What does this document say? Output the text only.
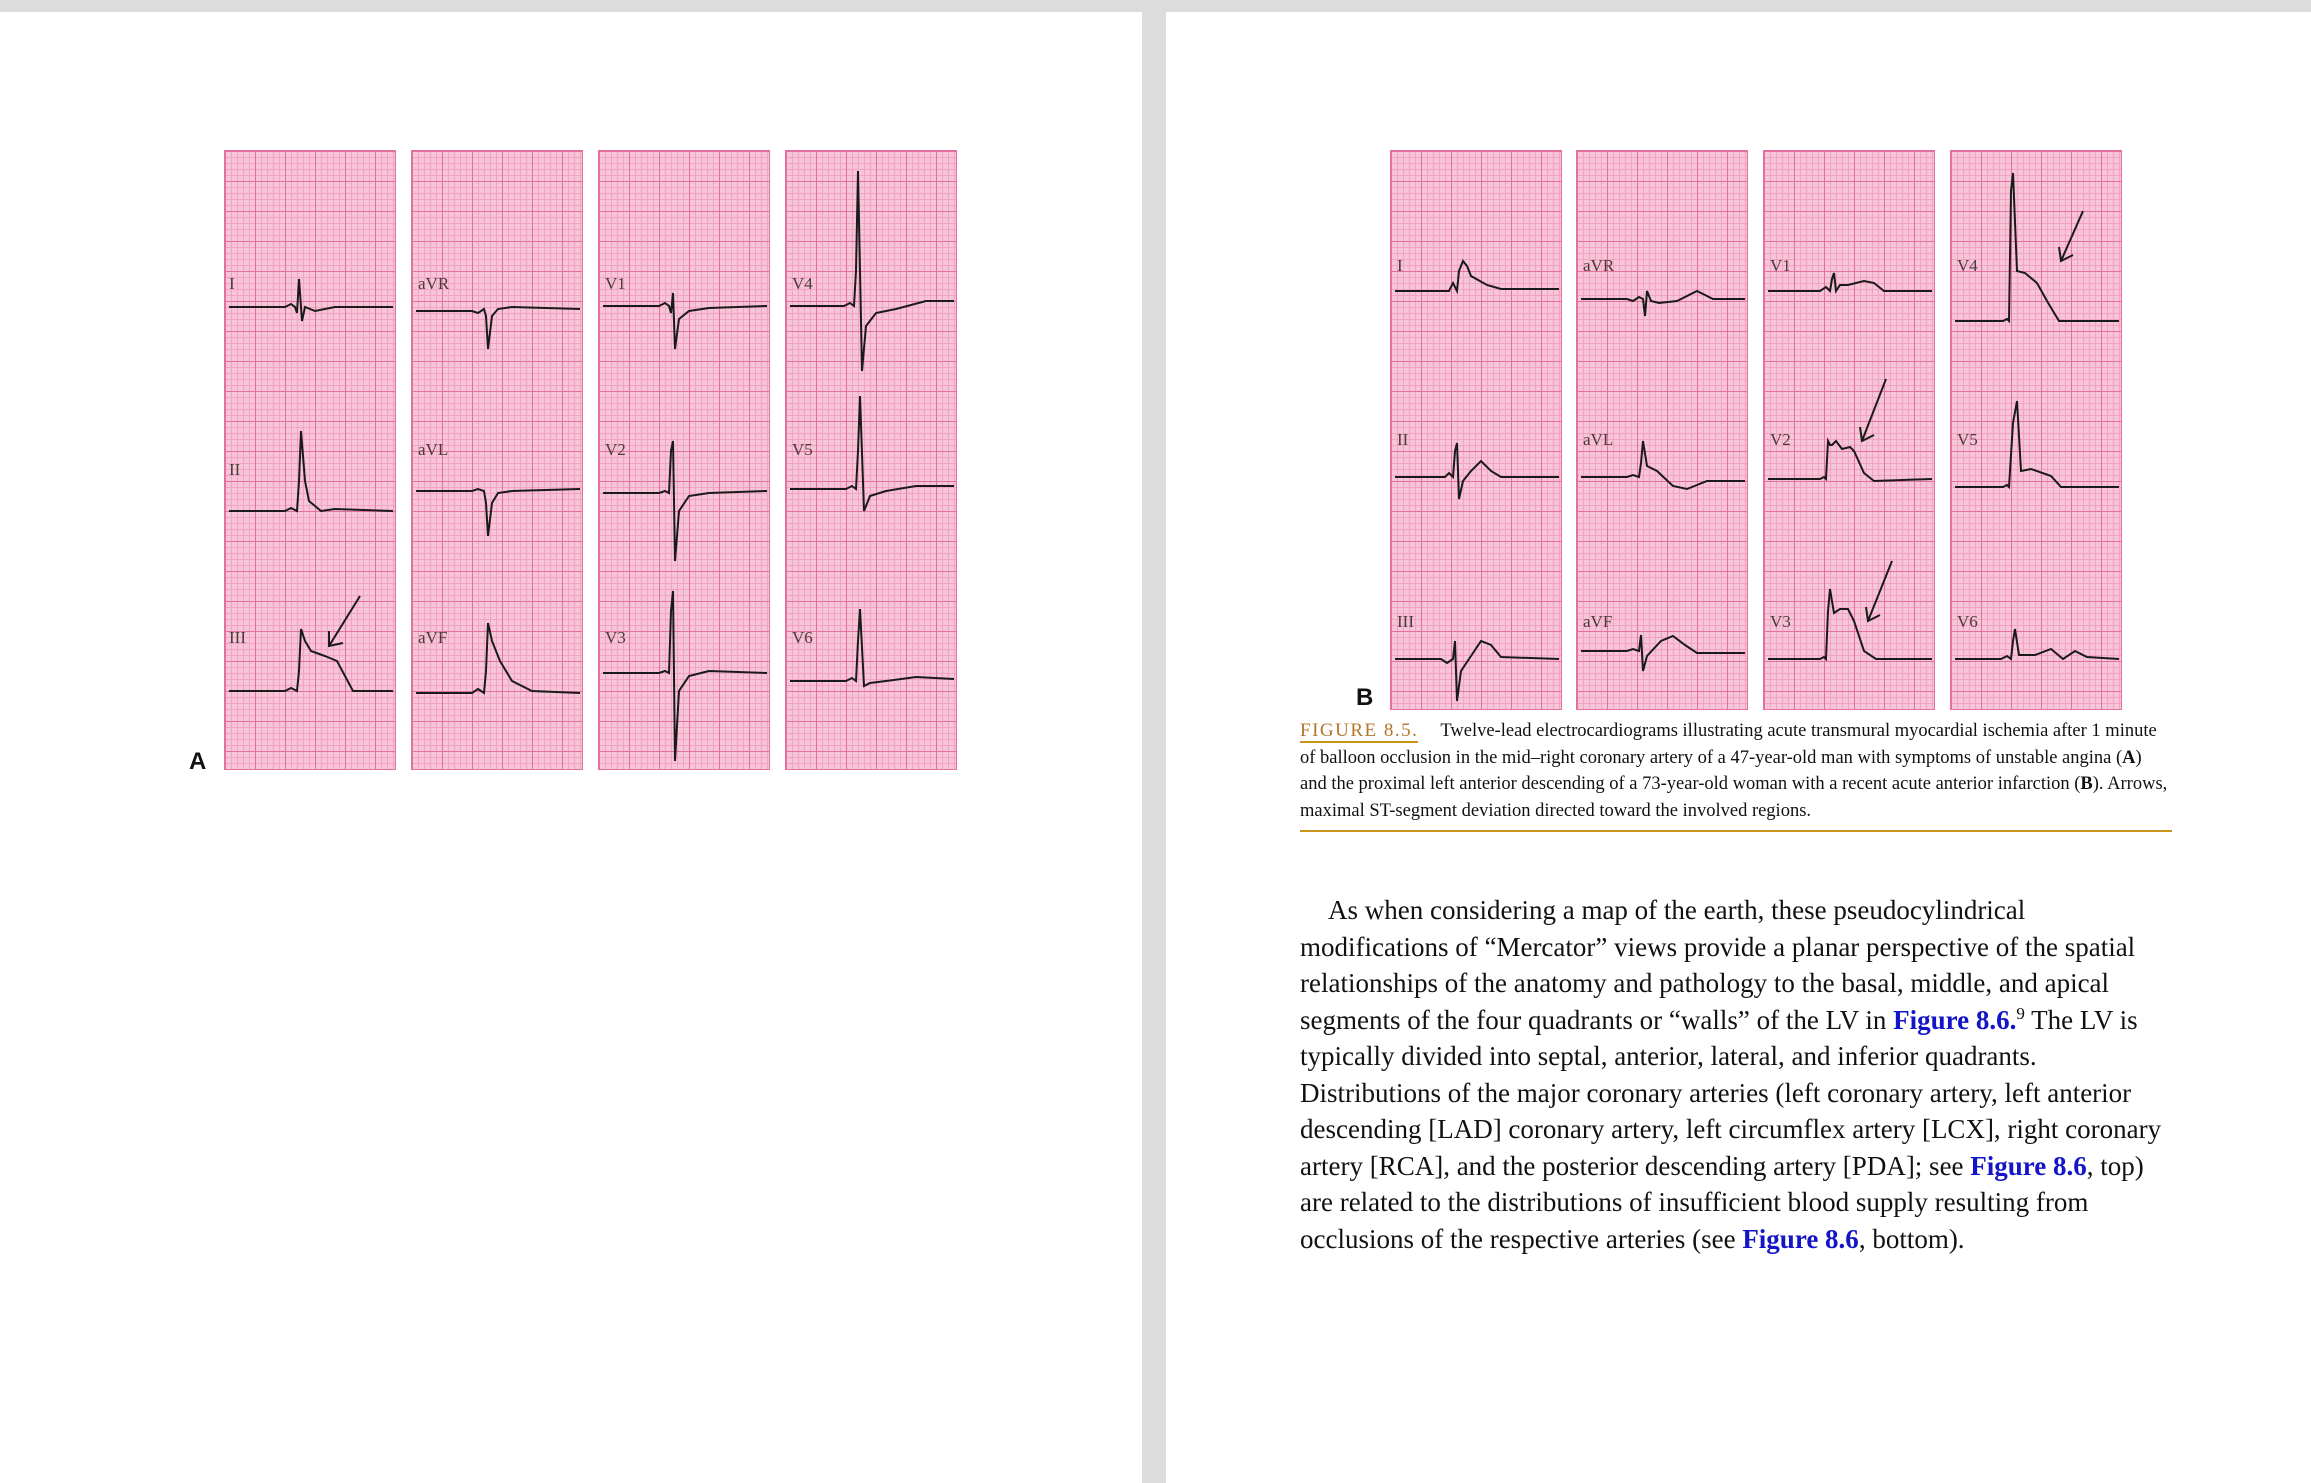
I
II
III
aVR
aVL
aVF
V1
V2
V3
V4
V5
V6
A
I
II
III
aVR
aVL
aVF
V1
V2
V3
V4
V5
V6
B
FIGURE 8.5. Twelve-lead electrocardiograms illustrating acute transmural myocardial ischemia after 1 minute of balloon occlusion in the mid–right coronary artery of a 47-year-old man with symptoms of unstable angina (A) and the proximal left anterior descending of a 73-year-old woman with a recent acute anterior infarction (B). Arrows, maximal ST-segment deviation directed toward the involved regions.
As when considering a map of the earth, these pseudocylindrical modifications of “Mercator” views provide a planar perspective of the spatial relationships of the anatomy and pathology to the basal, middle, and apical segments of the four quadrants or “walls” of the LV in Figure 8.6.$^9$ The LV is typically divided into septal, anterior, lateral, and inferior quadrants. Distributions of the major coronary arteries (left coronary artery, left anterior descending [LAD] coronary artery, left circumflex artery [LCX], right coronary artery [RCA], and the posterior descending artery [PDA]; see Figure 8.6, top) are related to the distributions of insufficient blood supply resulting from occlusions of the respective arteries (see Figure 8.6, bottom).
